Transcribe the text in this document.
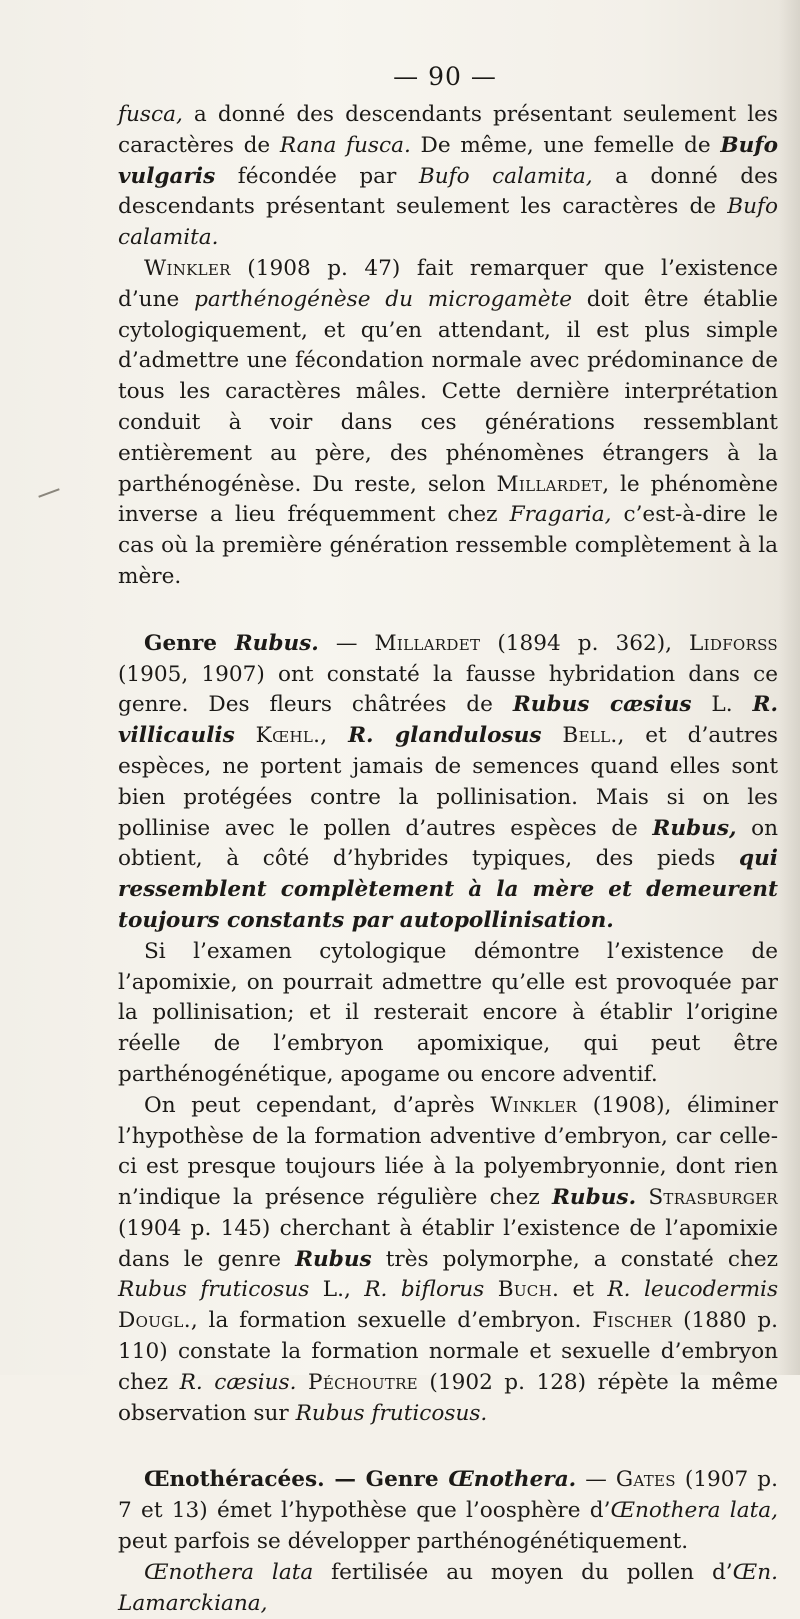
— 90 —

fusca, a donné des descendants présentant seulement les caractères de Rana fusca. De même, une femelle de Bufo vulgaris fécondée par Bufo calamita, a donné des descendants présentant seulement les caractères de Bufo calamita.

Winkler (1908 p. 47) fait remarquer que l’existence d’une parthénogénèse du microgamète doit être établie cytologiquement, et qu’en attendant, il est plus simple d’admettre une fécondation normale avec prédominance de tous les caractères mâles. Cette dernière interprétation conduit à voir dans ces générations ressemblant entièrement au père, des phénomènes étrangers à la parthénogénèse. Du reste, selon Millardet, le phénomène inverse a lieu fréquemment chez Fragaria, c’est-à-dire le cas où la première génération ressemble complètement à la mère.

Genre Rubus. — Millardet (1894 p. 362), Lidforss (1905, 1907) ont constaté la fausse hybridation dans ce genre. Des fleurs châtrées de Rubus cæsius L. R. villicaulis Kœhl., R. glandulosus Bell., et d’autres espèces, ne portent jamais de semences quand elles sont bien protégées contre la pollinisation. Mais si on les pollinise avec le pollen d’autres espèces de Rubus, on obtient, à côté d’hybrides typiques, des pieds qui ressemblent complètement à la mère et demeurent toujours constants par autopollinisation.

Si l’examen cytologique démontre l’existence de l’apomixie, on pourrait admettre qu’elle est provoquée par la pollinisation; et il resterait encore à établir l’origine réelle de l’embryon apomixique, qui peut être parthénogénétique, apogame ou encore adventif.

On peut cependant, d’après Winkler (1908), éliminer l’hypothèse de la formation adventive d’embryon, car celle-ci est presque toujours liée à la polyembryonnie, dont rien n’indique la présence régulière chez Rubus. Strasburger (1904 p. 145) cherchant à établir l’existence de l’apomixie dans le genre Rubus très polymorphe, a constaté chez Rubus fruticosus L., R. biflorus Buch. et R. leucodermis Dougl., la formation sexuelle d’embryon. Fischer (1880 p. 110) constate la formation normale et sexuelle d’embryon chez R. cæsius. Péchoutre (1902 p. 128) répète la même observation sur Rubus fruticosus.

Œnothéracées. — Genre Œnothera. — Gates (1907 p. 7 et 13) émet l’hypothèse que l’oosphère d’Œnothera lata, peut parfois se développer parthénogénétiquement.

Œnothera lata fertilisée au moyen du pollen d’Œn. Lamarckiana,
